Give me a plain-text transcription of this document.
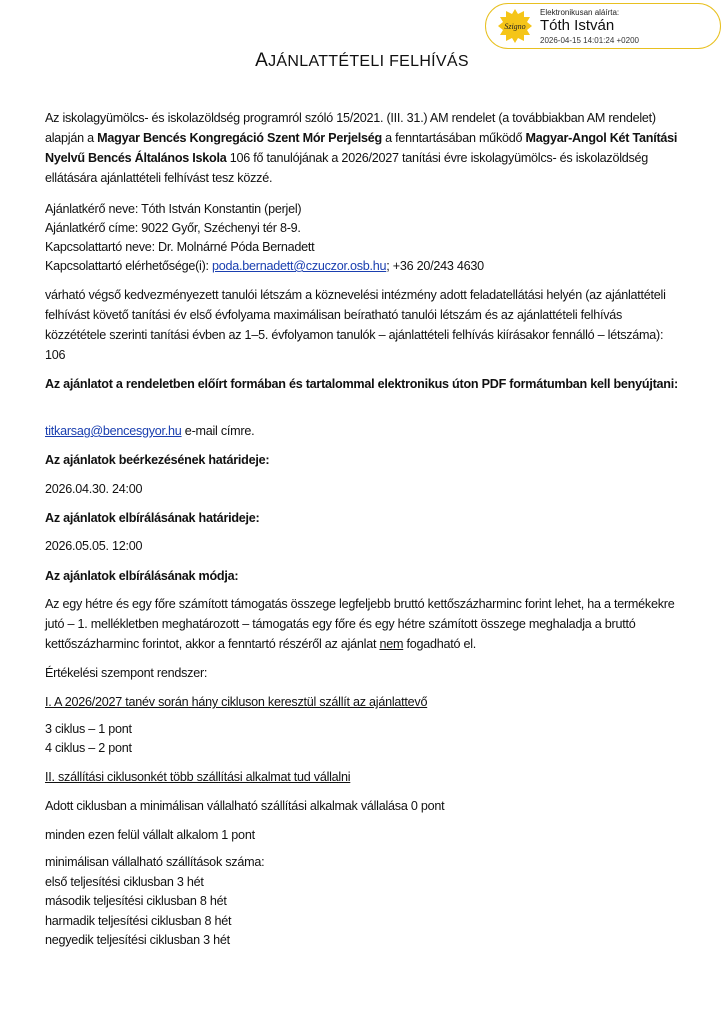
Szigno
Elektronikusan aláírta:
Tóth István
2026-04-15 14:01:24 +0200
AJÁNLATTÉTELI FELHÍVÁS
Az iskolagyümölcs- és iskolazöldség programról szóló 15/2021. (III. 31.) AM rendelet (a továbbiakban AM rendelet) alapján a Magyar Bencés Kongregáció Szent Mór Perjelség a fenntartásában működő Magyar-Angol Két Tanítási Nyelvű Bencés Általános Iskola 106 fő tanulójának a 2026/2027 tanítási évre iskolagyümölcs- és iskolazöldség ellátására ajánlattételi felhívást tesz közzé.
Ajánlatkérő neve: Tóth István Konstantin (perjel)
Ajánlatkérő címe: 9022 Győr, Széchenyi tér 8-9.
Kapcsolattartó neve: Dr. Molnárné Póda Bernadett
Kapcsolattartó elérhetősége(i): poda.bernadett@czuczor.osb.hu; +36 20/243 4630
várható végső kedvezményezett tanulói létszám a köznevelési intézmény adott feladatellátási helyén (az ajánlattételi felhívást követő tanítási év első évfolyama maximálisan beíratható tanulói létszám és az ajánlattételi felhívás közzététele szerinti tanítási évben az 1–5. évfolyamon tanulók – ajánlattételi felhívás kiírásakor fennálló – létszáma): 106
Az ajánlatot a rendeletben előírt formában és tartalommal elektronikus úton PDF formátumban kell benyújtani:
titkarsag@bencesgyor.hu e-mail címre.
Az ajánlatok beérkezésének határideje:
2026.04.30. 24:00
Az ajánlatok elbírálásának határideje:
2026.05.05. 12:00
Az ajánlatok elbírálásának módja:
Az egy hétre és egy főre számított támogatás összege legfeljebb bruttó kettőszázharminc forint lehet, ha a termékekre jutó – 1. mellékletben meghatározott – támogatás egy főre és egy hétre számított összege meghaladja a bruttó kettőszázharminc forintot, akkor a fenntartó részéről az ajánlat nem fogadható el.
Értékelési szempont rendszer:
I. A 2026/2027 tanév során hány cikluson keresztül szállít az ajánlattevő
3 ciklus – 1 pont
4 ciklus – 2 pont
II. szállítási ciklusonkét több szállítási alkalmat tud vállalni
Adott ciklusban a minimálisan vállalható szállítási alkalmak vállalása 0 pont
minden ezen felül vállalt alkalom 1 pont
minimálisan vállalható szállítások száma:
első teljesítési ciklusban 3 hét
második teljesítési ciklusban 8 hét
harmadik teljesítési ciklusban 8 hét
negyedik teljesítési ciklusban 3 hét
